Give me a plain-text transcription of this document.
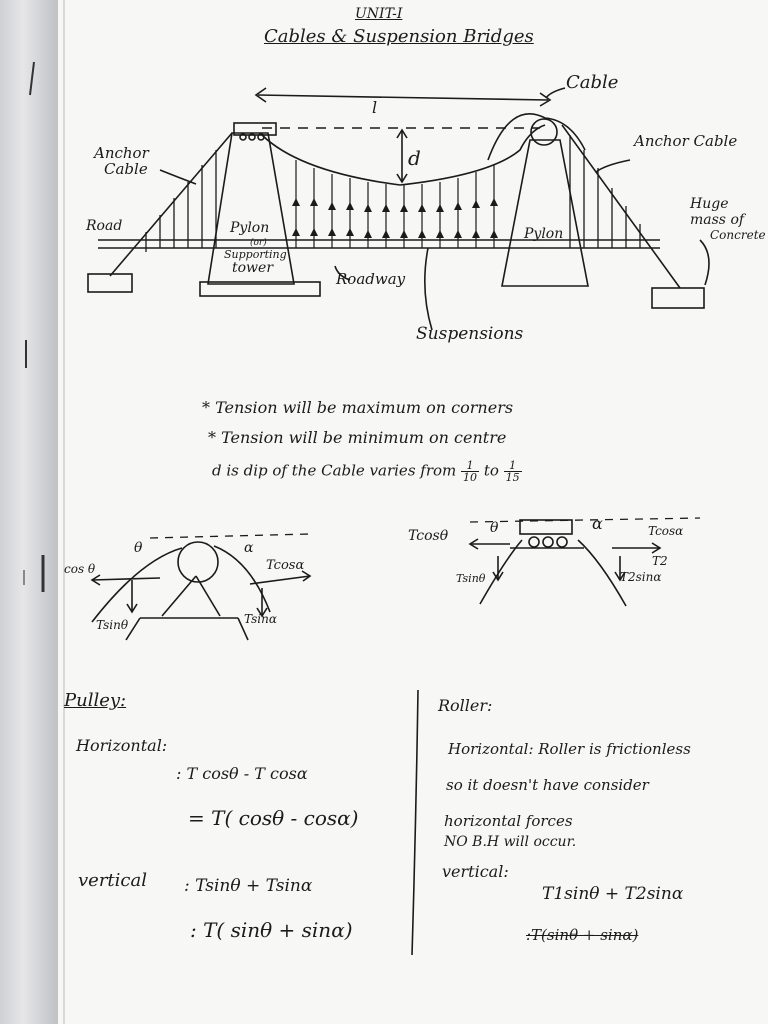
UNIT-I
Cables & Suspension Bridges
Cable
l
d
Anchor
Cable
Anchor Cable
Road	Pylon
(or)
Supporting
tower
Pylon
Roadway
Huge
mass of
Concrete
Suspensions
* Tension will be maximum on corners
* Tension will be minimum on centre
d is dip of the Cable varies from $\frac{1}{10}$ to $\frac{1}{15}$
θ	α
cos θ	Tcosα
Tsinθ	Tsinα
Tcosθ	θ	α	Tcosα
T2
Tsinθ	T2sinα
Pulley:
Horizontal:
: T cosθ - T cosα
= T( cosθ - cosα)
vertical : Tsinθ + Tsinα
: T( sinθ + sinα)
Roller:
Horizontal: Roller is frictionless
so it doesn't have consider
horizontal forces
NO B.H will occur.
vertical:
T1sinθ + T2sinα
:T(sinθ + sinα)
